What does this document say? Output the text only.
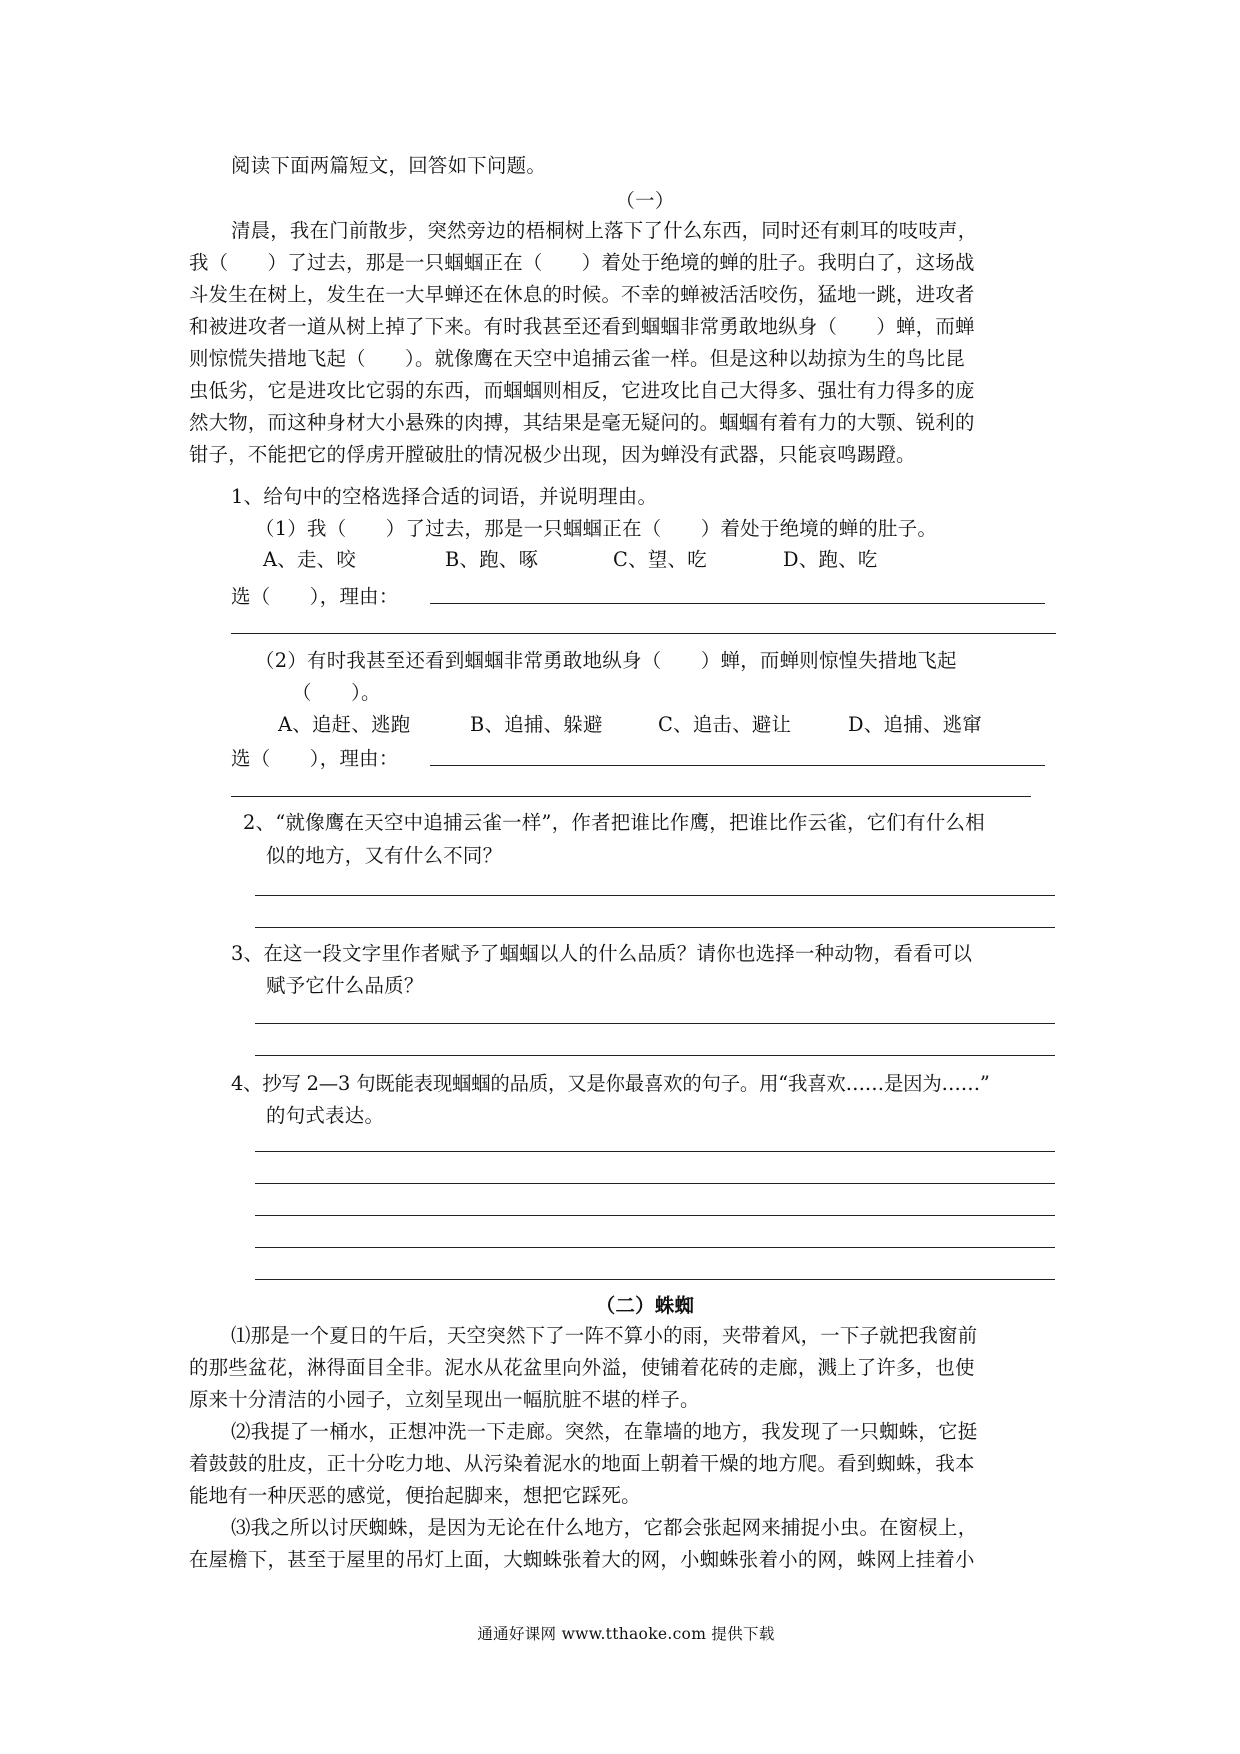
阅读下面两篇短文，回答如下问题。
（一）
清晨，我在门前散步，突然旁边的梧桐树上落下了什么东西，同时还有刺耳的吱吱声，
我（　　）了过去，那是一只蝈蝈正在（　　）着处于绝境的蝉的肚子。我明白了，这场战
斗发生在树上，发生在一大早蝉还在休息的时候。不幸的蝉被活活咬伤，猛地一跳，进攻者
和被进攻者一道从树上掉了下来。有时我甚至还看到蝈蝈非常勇敢地纵身（　　）蝉，而蝉
则惊慌失措地飞起（　　）。就像鹰在天空中追捕云雀一样。但是这种以劫掠为生的鸟比昆
虫低劣，它是进攻比它弱的东西，而蝈蝈则相反，它进攻比自己大得多、强壮有力得多的庞
然大物，而这种身材大小悬殊的肉搏，其结果是毫无疑问的。蝈蝈有着有力的大颚、锐利的
钳子，不能把它的俘虏开膛破肚的情况极少出现，因为蝉没有武器，只能哀鸣踢蹬。
1、给句中的空格选择合适的词语，并说明理由。
（1）我（　　）了过去，那是一只蝈蝈正在（　　）着处于绝境的蝉的肚子。
A、走、咬	B、跑、啄	C、望、吃	D、跑、吃
选（　　），理由：
（2）有时我甚至还看到蝈蝈非常勇敢地纵身（　　）蝉，而蝉则惊惶失措地飞起
（　　）。
A、追赶、逃跑	B、追捕、躲避	C、追击、避让	D、追捕、逃窜
选（　　），理由：
2、“就像鹰在天空中追捕云雀一样”，作者把谁比作鹰，把谁比作云雀，它们有什么相
似的地方，又有什么不同？
3、在这一段文字里作者赋予了蝈蝈以人的什么品质？请你也选择一种动物，看看可以
赋予它什么品质？
4、抄写 2—3 句既能表现蝈蝈的品质，又是你最喜欢的句子。用“我喜欢……是因为……”
的句式表达。
（二）蛛蜘
⑴那是一个夏日的午后，天空突然下了一阵不算小的雨，夹带着风，一下子就把我窗前
的那些盆花，淋得面目全非。泥水从花盆里向外溢，使铺着花砖的走廊，溅上了许多，也使
原来十分清洁的小园子，立刻呈现出一幅肮脏不堪的样子。
⑵我提了一桶水，正想冲洗一下走廊。突然，在靠墙的地方，我发现了一只蜘蛛，它挺
着鼓鼓的肚皮，正十分吃力地、从污染着泥水的地面上朝着干燥的地方爬。看到蜘蛛，我本
能地有一种厌恶的感觉，便抬起脚来，想把它踩死。
⑶我之所以讨厌蜘蛛，是因为无论在什么地方，它都会张起网来捕捉小虫。在窗棂上，
在屋檐下，甚至于屋里的吊灯上面，大蜘蛛张着大的网，小蜘蛛张着小的网，蛛网上挂着小
通通好课网 www.tthaoke.com 提供下载
